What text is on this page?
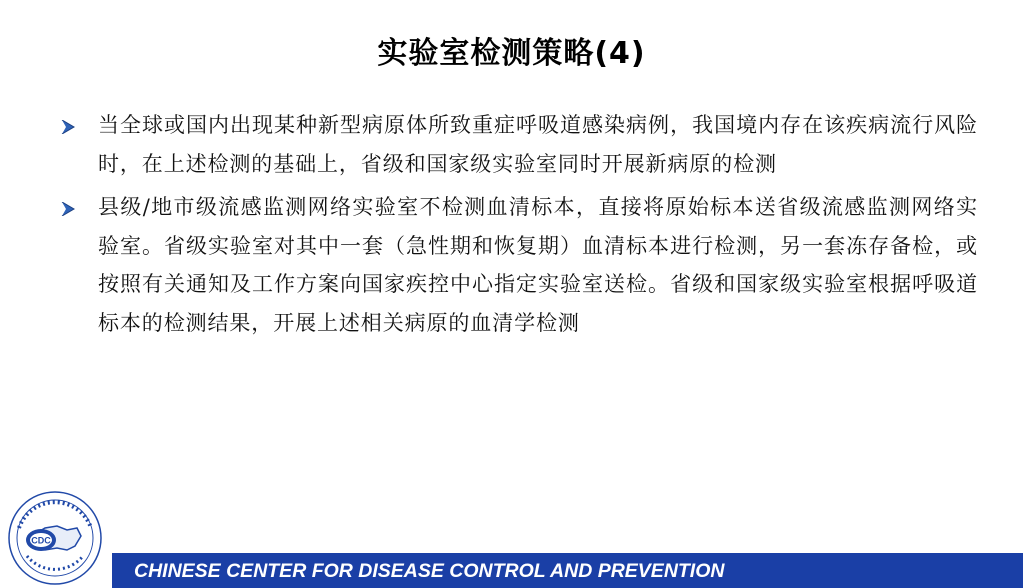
实验室检测策略(4)
当全球或国内出现某种新型病原体所致重症呼吸道感染病例，我国境内存在该疾病流行风险时，在上述检测的基础上，省级和国家级实验室同时开展新病原的检测
县级/地市级流感监测网络实验室不检测血清标本，直接将原始标本送省级流感监测网络实验室。省级实验室对其中一套（急性期和恢复期）血清标本进行检测，另一套冻存备检，或按照有关通知及工作方案向国家疾控中心指定实验室送检。省级和国家级实验室根据呼吸道标本的检测结果，开展上述相关病原的血清学检测
CHINESE CENTER FOR DISEASE CONTROL AND PREVENTION
CDC
